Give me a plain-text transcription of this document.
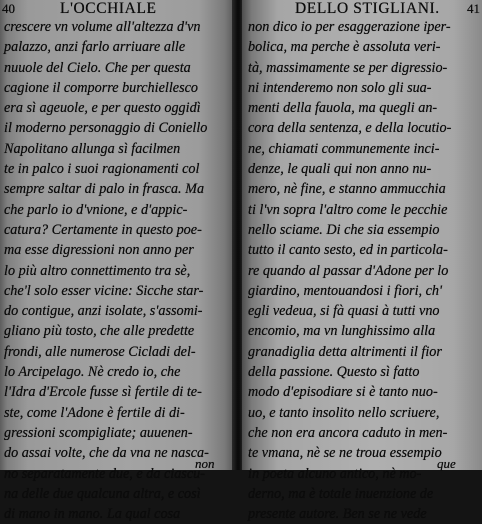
40	L'OCCHIALE
crescere vn volume all'altezza d'vn
palazzo, anzi farlo arriuare alle
nuuole del Cielo. Che per questa
cagione il comporre burchiellesco
era sì ageuole, e per questo oggidì
il moderno personaggio di Coniello
Napolitano allunga sì facilmen
te in palco i suoi ragionamenti col
sempre saltar di palo in frasca. Ma
che parlo io d'vnione, e d'appic-
catura? Certamente in questo poe-
ma esse digressioni non anno per
lo più altro connettimento tra sè,
che'l solo esser vicine: Sicche star-
do contigue, anzi isolate, s'assomi-
gliano più tosto, che alle predette
frondi, alle numerose Cicladi del-
lo Arcipelago. Nè credo io, che
l'Idra d'Ercole fusse sì fertile di te-
ste, come l'Adone è fertile di di-
gressioni scompigliate; auuenen-
do assai volte, che da vna ne nasca-
no separatamente due, e da ciascu-
na delle due qualcuna altra, e così
di mano in mano. La qual cosa
non
DELLO STIGLIANI. 41
non dico io per esaggerazione iper-
bolica, ma perche è assoluta veri-
tà, massimamente se per digressio-
ni intenderemo non solo gli sua-
menti della fauola, ma quegli an-
cora della sentenza, e della locutio-
ne, chiamati communemente inci-
denze, le quali qui non anno nu-
mero, nè fine, e stanno ammucchia
ti l'vn sopra l'altro come le pecchie
nello sciame. Di che sia essempio
tutto il canto sesto, ed in particola-
re quando al passar d'Adone per lo
giardino, mentouandosi i fiori, ch'
egli vedeua, si fà quasi à tutti vno
encomio, ma vn lunghissimo alla
granadiglia detta altrimenti il fior
della passione. Questo sì fatto
modo d'episodiare si è tanto nuo-
uo, e tanto insolito nello scriuere,
che non era ancora caduto in men-
te vmana, nè se ne troua essempio
in poeta alcuno antico, nè mo-
derno, ma è totale inuenzione de
presente autore. Ben se ne vede
que
